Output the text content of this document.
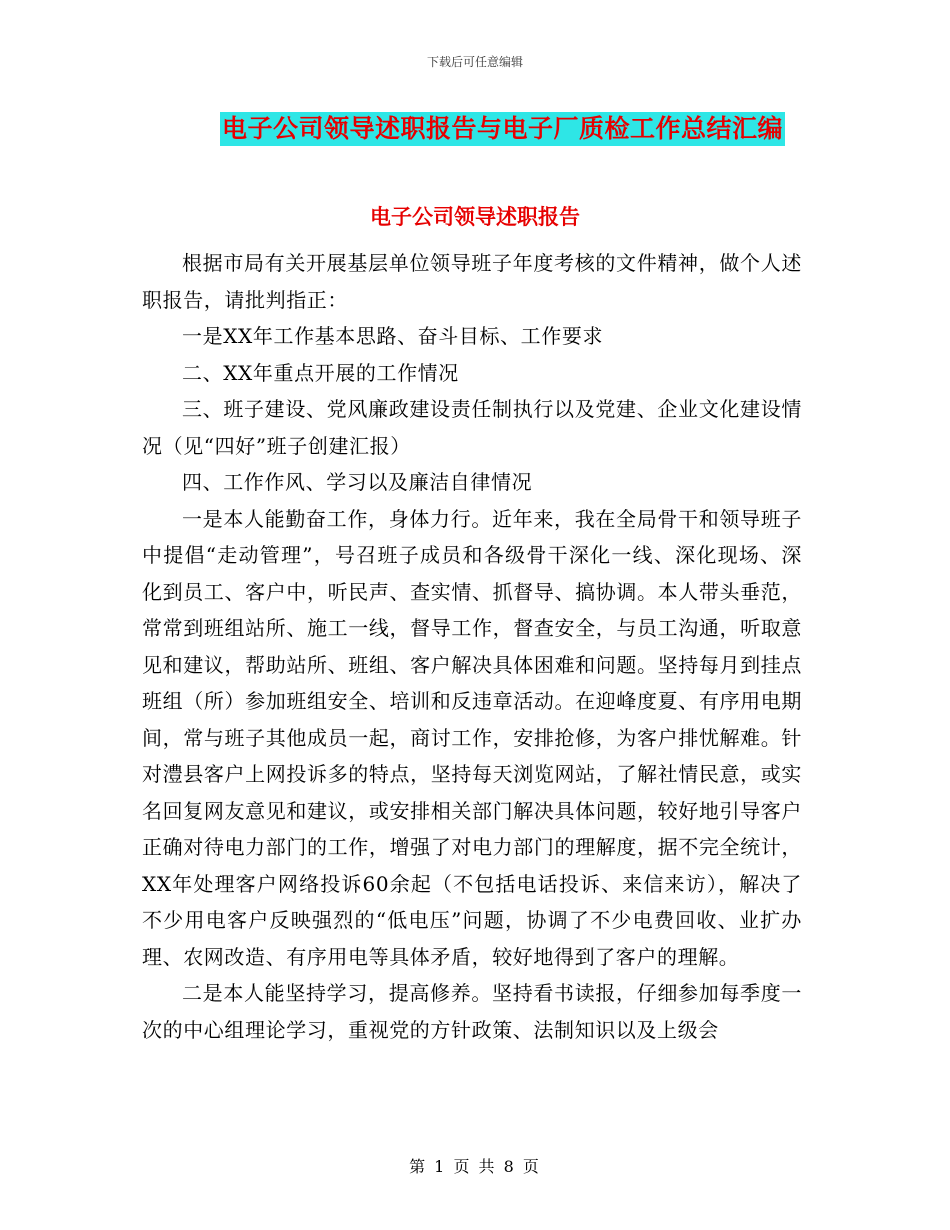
下载后可任意编辑
电子公司领导述职报告与电子厂质检工作总结汇编
电子公司领导述职报告

根据市局有关开展基层单位领导班子年度考核的文件精神，做个人述职报告，请批判指正：

一是XX年工作基本思路、奋斗目标、工作要求

二、XX年重点开展的工作情况

三、班子建设、党风廉政建设责任制执行以及党建、企业文化建设情况（见“四好”班子创建汇报）

四、工作作风、学习以及廉洁自律情况

一是本人能勤奋工作，身体力行。近年来，我在全局骨干和领导班子中提倡“走动管理”，号召班子成员和各级骨干深化一线、深化现场、深化到员工、客户中，听民声、查实情、抓督导、搞协调。本人带头垂范，常常到班组站所、施工一线，督导工作，督查安全，与员工沟通，听取意见和建议，帮助站所、班组、客户解决具体困难和问题。坚持每月到挂点班组（所）参加班组安全、培训和反违章活动。在迎峰度夏、有序用电期间，常与班子其他成员一起，商讨工作，安排抢修，为客户排忧解难。针对澧县客户上网投诉多的特点，坚持每天浏览网站，了解社情民意，或实名回复网友意见和建议，或安排相关部门解决具体问题，较好地引导客户正确对待电力部门的工作，增强了对电力部门的理解度，据不完全统计，XX年处理客户网络投诉60余起（不包括电话投诉、来信来访），解决了不少用电客户反映强烈的“低电压”问题，协调了不少电费回收、业扩办理、农网改造、有序用电等具体矛盾，较好地得到了客户的理解。

二是本人能坚持学习，提高修养。坚持看书读报，仔细参加每季度一次的中心组理论学习，重视党的方针政策、法制知识以及上级会

第 1 页 共 8 页
